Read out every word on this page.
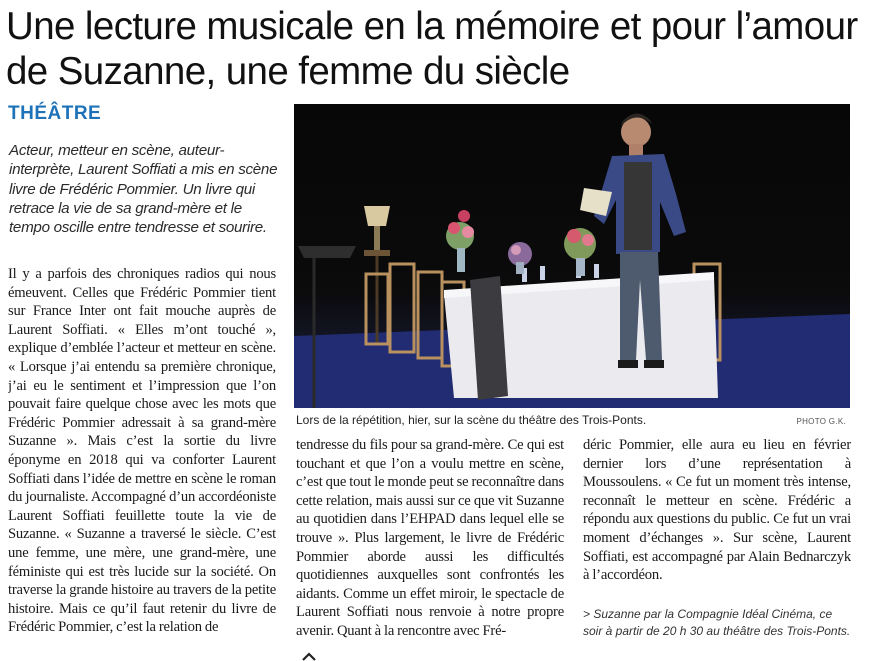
Une lecture musicale en la mémoire et pour l’amour de Suzanne, une femme du siècle
THÉÂTRE
Acteur, metteur en scène, auteur-interprète, Laurent Soffiati a mis en scène livre de Frédéric Pommier. Un livre qui retrace la vie de sa grand-mère et le tempo oscille entre tendresse et sourire.

Il y a parfois des chroniques radios qui nous émeuvent. Celles que Frédéric Pommier tient sur France Inter ont fait mouche auprès de Laurent Soffiati. « Elles m’ont touché », explique d’emblée l’acteur et metteur en scène. « Lorsque j’ai entendu sa première chronique, j’ai eu le sentiment et l’impression que l’on pouvait faire quelque chose avec les mots que Frédéric Pommier adressait à sa grand-mère Suzanne ». Mais c’est la sortie du livre éponyme en 2018 qui va conforter Laurent Soffiati dans l’idée de mettre en scène le roman du journaliste. Accompagné d’un accordéoniste Laurent Soffiati feuillette toute la vie de Suzanne. « Suzanne a traversé le siècle. C’est une femme, une mère, une grand-mère, une féministe qui est très lucide sur la société. On traverse la grande histoire au travers de la petite histoire. Mais ce qu’il faut retenir du livre de Frédéric Pommier, c’est la relation de

Lors de la répétition, hier, sur la scène du théâtre des Trois-Ponts.	PHOTO G.K.

tendresse du fils pour sa grand-mère. Ce qui est touchant et que l’on a voulu mettre en scène, c’est que tout le monde peut se reconnaître dans cette relation, mais aussi sur ce que vit Suzanne au quotidien dans l’EHPAD dans lequel elle se trouve ». Plus largement, le livre de Frédéric Pommier aborde aussi les difficultés quotidiennes auxquelles sont confrontés les aidants. Comme un effet miroir, le spectacle de Laurent Soffiati nous renvoie à notre propre avenir. Quant à la rencontre avec Fré-

déric Pommier, elle aura eu lieu en février dernier lors d’une représentation à Moussoulens. « Ce fut un moment très intense, reconnaît le metteur en scène. Frédéric a répondu aux questions du public. Ce fut un vrai moment d’échanges ». Sur scène, Laurent Soffiati, est accompagné par Alain Bednarczyk à l’accordéon.

> Suzanne par la Compagnie Idéal Cinéma, ce soir à partir de 20 h 30 au théâtre des Trois-Ponts.
